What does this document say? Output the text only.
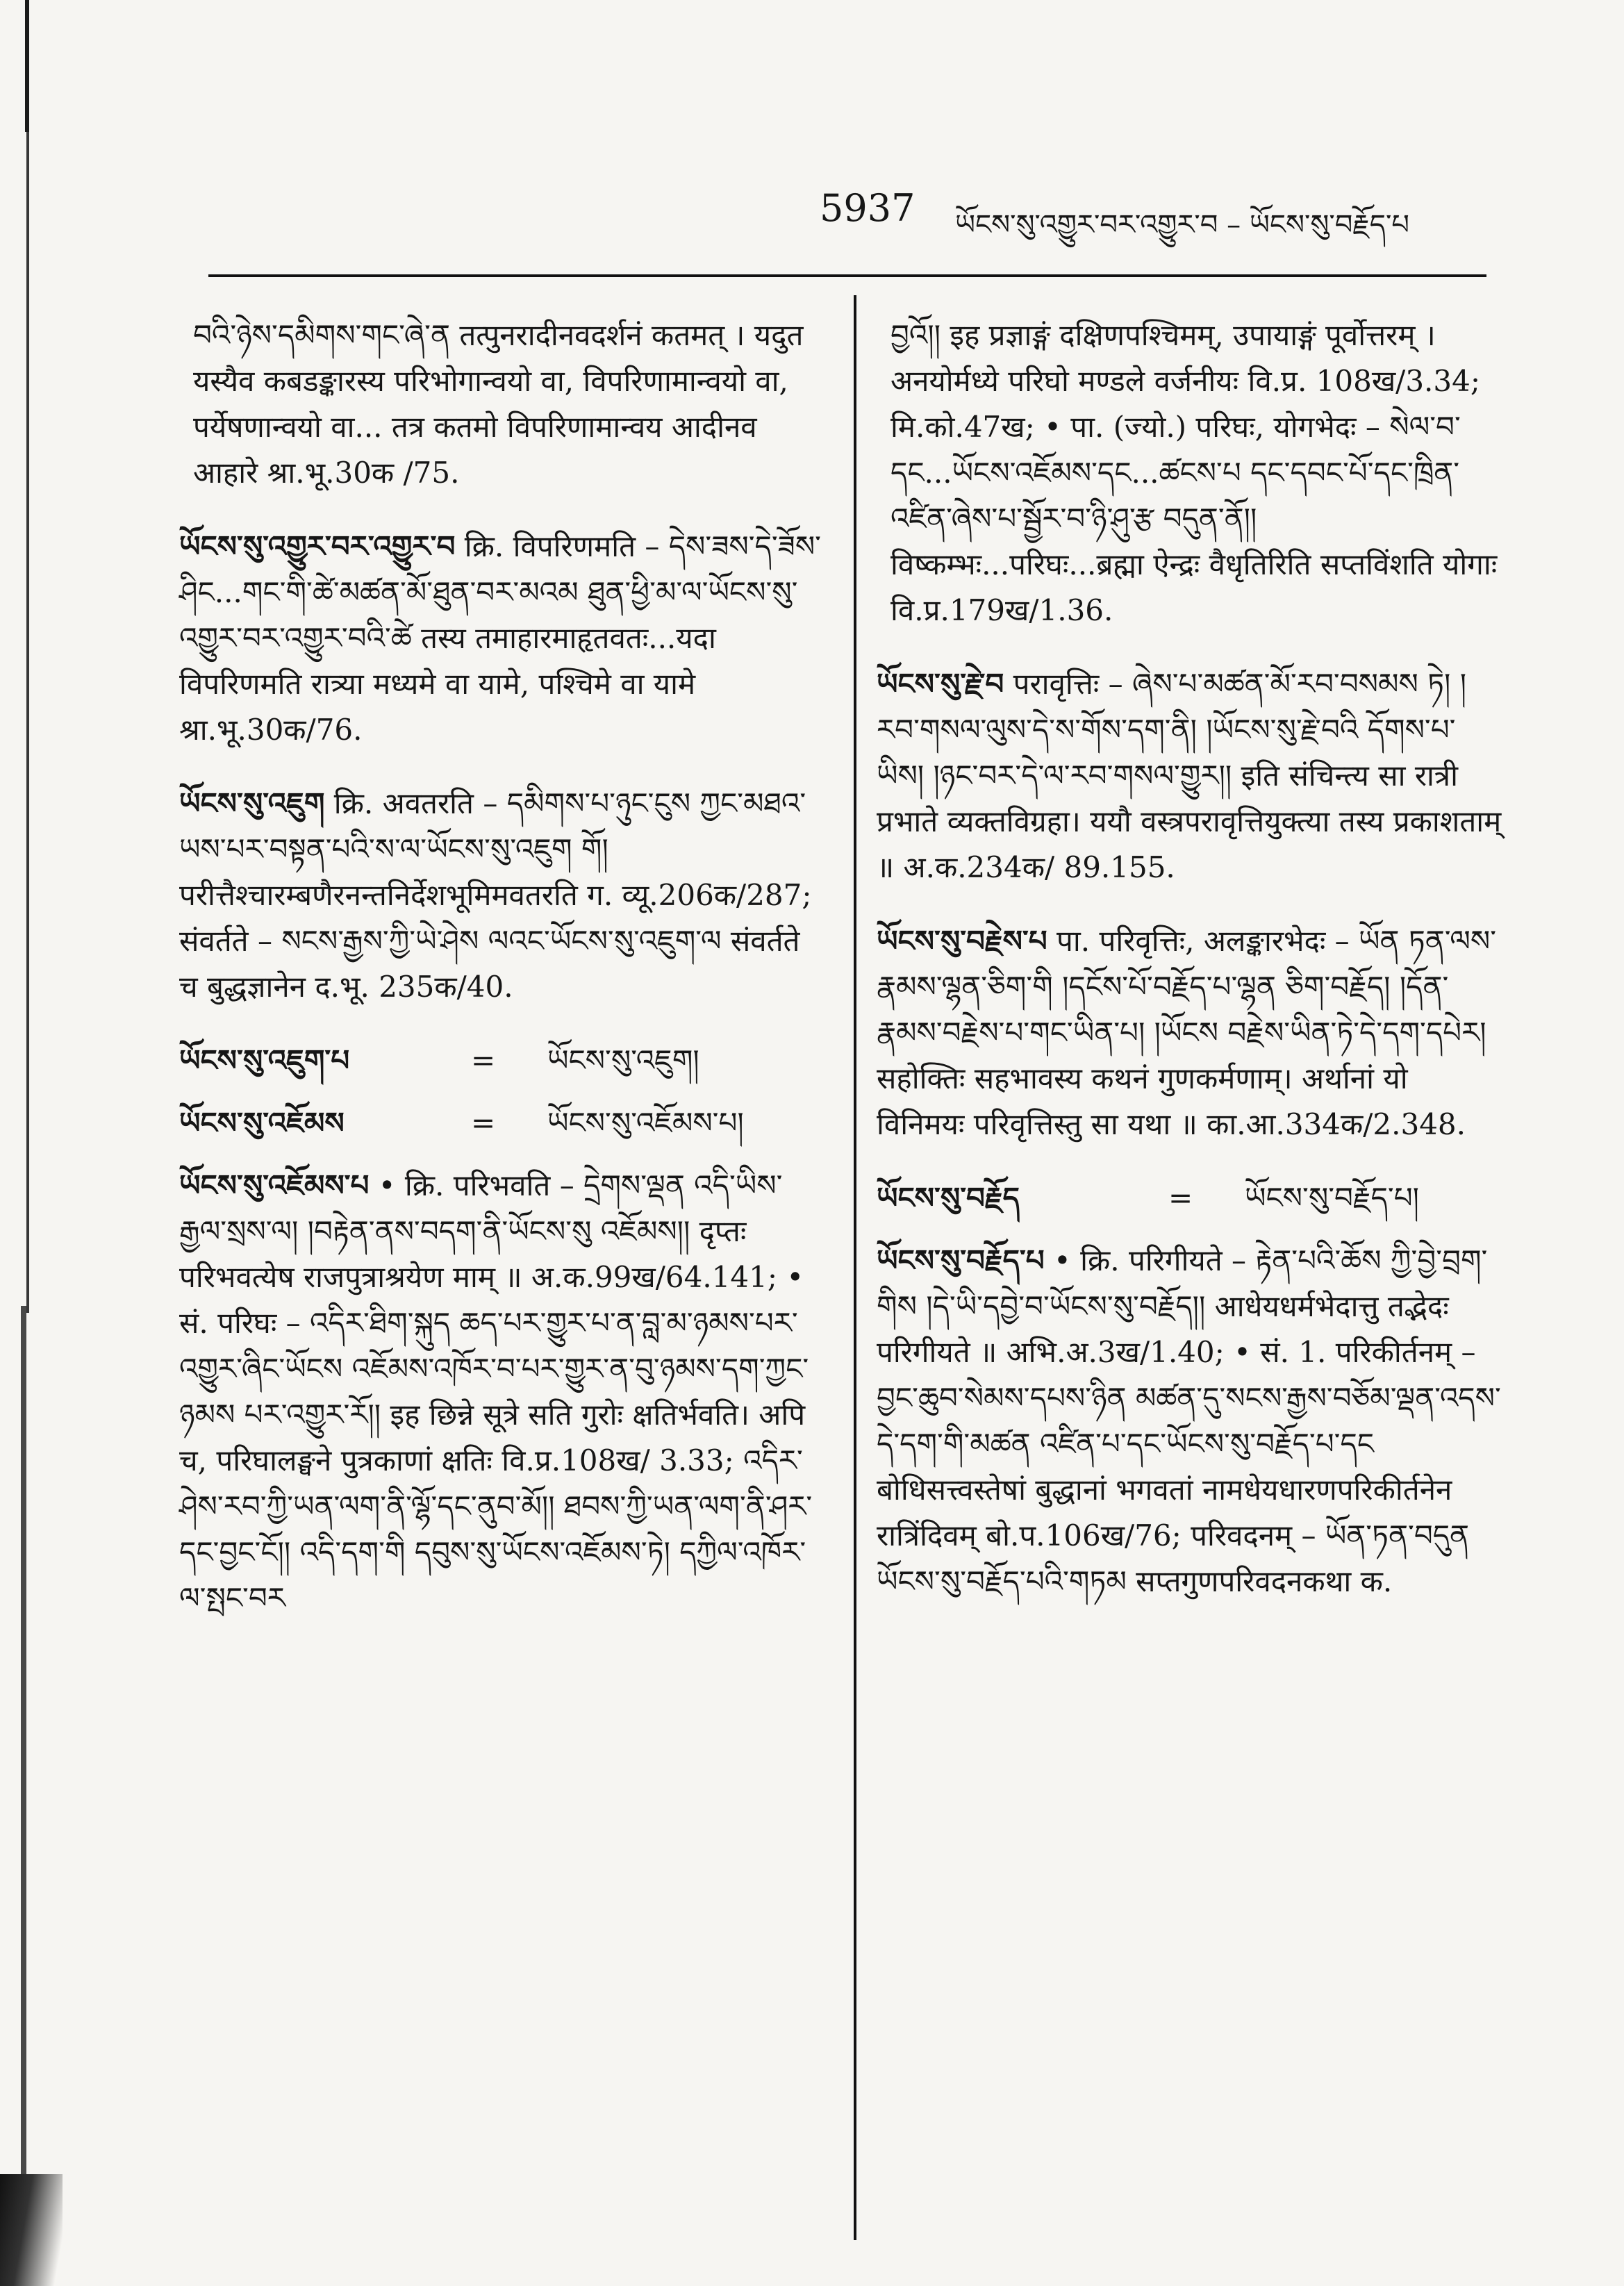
5937 ཡོངས་སུ་འགྱུར་བར་འགྱུར་བ – ཡོངས་སུ་བརྗོད་པ

བའི་ཉེས་དམིགས་གང་ཞེ་ན तत्पुनरादीनवदर्शनं कतमत् । यदुत यस्यैव कबडङ्कारस्य परिभोगान्वयो वा, विपरिणामान्वयो वा, पर्येषणान्वयो वा... तत्र कतमो विपरिणामान्वय आदीनव आहारे श्रा.भू.30क /75.

ཡོངས་སུ་འགྱུར་བར་འགྱུར་བ क्रि. विपरिणमति – དེས་ཟས་དེ་ཟོས་ཤིང...གང་གི་ཚེ་མཚན་མོ་ཐུན་བར་མའམ ཐུན་ཕྱི་མ་ལ་ཡོངས་སུ་འགྱུར་བར་འགྱུར་བའི་ཚེ तस्य तमाहारमाहृतवतः...यदा विपरिणमति रात्र्या मध्यमे वा यामे, पश्चिमे वा यामे श्रा.भू.30क/76.

ཡོངས་སུ་འཇུག क्रि. अवतरति – དམིགས་པ་ཉུང་ངུས ཀྱང་མཐའ་ཡས་པར་བསྟན་པའི་ས་ལ་ཡོངས་སུ་འཇུག གོ། परीत्तैश्चारम्बणैरनन्तनिर्देशभूमिमवतरति ग. व्यू.206क/287; संवर्तते – སངས་རྒྱས་ཀྱི་ཡེ་ཤེས ལའང་ཡོངས་སུ་འཇུག་ལ संवर्तते च बुद्धज्ञानेन द.भू. 235क/40.

ཡོངས་སུ་འཇུག་པ	=	ཡོངས་སུ་འཇུག།
ཡོངས་སུ་འཇོམས	=	ཡོངས་སུ་འཇོམས་པ།

ཡོངས་སུ་འཇོམས་པ • क्रि. परिभवति – དྲེགས་ལྡན འདི་ཡིས་རྒྱལ་སྲས་ལ། །བརྟེན་ནས་བདག་ནི་ཡོངས་སུ འཇོམས།། दृप्तः परिभवत्येष राजपुत्राश्रयेण माम् ॥ अ.क.99ख/64.141; • सं. परिघः – འདིར་ཐིག་སྐུད ཆད་པར་གྱུར་པ་ན་བླ་མ་ཉམས་པར་འགྱུར་ཞིང་ཡོངས འཇོམས་འཁོར་བ་པར་གྱུར་ན་བུ་ཉམས་དག་ཀྱང་ཉམས པར་འགྱུར་རོ།། इह छिन्ने सूत्रे सति गुरोः क्षतिर्भवति। अपि च, परिघालङ्घने पुत्रकाणां क्षतिः वि.प्र.108ख/ 3.33; འདིར་ཤེས་རབ་ཀྱི་ཡན་ལག་ནི་ལྷོ་དང་ནུབ་མོ།། ཐབས་ཀྱི་ཡན་ལག་ནི་ཤར་དང་བྱང་ངོ།། འདི་དག་གི དབུས་སུ་ཡོངས་འཇོམས་ཏེ། དཀྱིལ་འཁོར་ལ་སྤང་བར

བྱའོ།། इह प्रज्ञाङ्गं दक्षिणपश्चिमम्, उपायाङ्गं पूर्वोत्तरम् । अनयोर्मध्ये परिघो मण्डले वर्जनीयः वि.प्र. 108ख/3.34; मि.को.47ख; • पा. (ज्यो.) परिघः, योगभेदः – སེལ་བ་དང...ཡོངས་འཇོམས་དང...ཚངས་པ དང་དབང་པོ་དང་ཁྲིན་འཛིན་ཞེས་པ་སྦྱོར་བ་ཉི་ཤུ་རྩ བདུན་ནོ།། विष्कम्भः...परिघः...ब्रह्मा ऐन्द्रः वैधृतिरिति सप्तविंशति योगाः वि.प्र.179ख/1.36.

ཡོངས་སུ་རྗེ་བ परावृत्तिः – ཞེས་པ་མཚན་མོ་རབ་བསམས ཏེ། །རབ་གསལ་ལུས་དེ་ས་གོས་དག་ནི། །ཡོངས་སུ་རྗེ་བའི དོགས་པ་ཡིས། །ཉང་བར་དེ་ལ་རབ་གསལ་གྱུར།། इति संचिन्त्य सा रात्री प्रभाते व्यक्तविग्रहा। ययौ वस्त्रपरावृत्तियुक्त्या तस्य प्रकाशताम् ॥ अ.क.234क/ 89.155.

ཡོངས་སུ་བརྗེས་པ पा. परिवृत्तिः, अलङ्कारभेदः – ཡོན ཏན་ལས་རྣམས་ལྷན་ཅིག་གི །དངོས་པོ་བརྗོད་པ་ལྷན ཅིག་བརྗོད། །དོན་རྣམས་བརྗེས་པ་གང་ཡིན་པ། །ཡོངས བརྗེས་ཡིན་ཏེ་དེ་དག་དཔེར། सहोक्तिः सहभावस्य कथनं गुणकर्मणाम्। अर्थानां यो विनिमयः परिवृत्तिस्तु सा यथा ॥ का.आ.334क/2.348.

ཡོངས་སུ་བརྗོད	=	ཡོངས་སུ་བརྗོད་པ།

ཡོངས་སུ་བརྗོད་པ • क्रि. परिगीयते – རྟེན་པའི་ཆོས ཀྱི་བྱེ་བྲག་གིས །དེ་ཡི་དབྱེ་བ་ཡོངས་སུ་བརྗོད།། आधेयधर्मभेदात्तु तद्भेदः परिगीयते ॥ अभि.अ.3ख/1.40; • सं. 1. परिकीर्तनम् – བྱང་ཆུབ་སེམས་དཔས་ཉིན མཚན་དུ་སངས་རྒྱས་བཅོམ་ལྡན་འདས་དེ་དག་གི་མཚན འཛིན་པ་དང་ཡོངས་སུ་བརྗོད་པ་དང बोधिसत्त्वस्तेषां बुद्धानां भगवतां नामधेयधारणपरिकीर्तनेन रात्रिंदिवम् बो.प.106ख/76; परिवदनम् – ཡོན་ཏན་བདུན ཡོངས་སུ་བརྗོད་པའི་གཏམ सप्तगुणपरिवदनकथा क.
